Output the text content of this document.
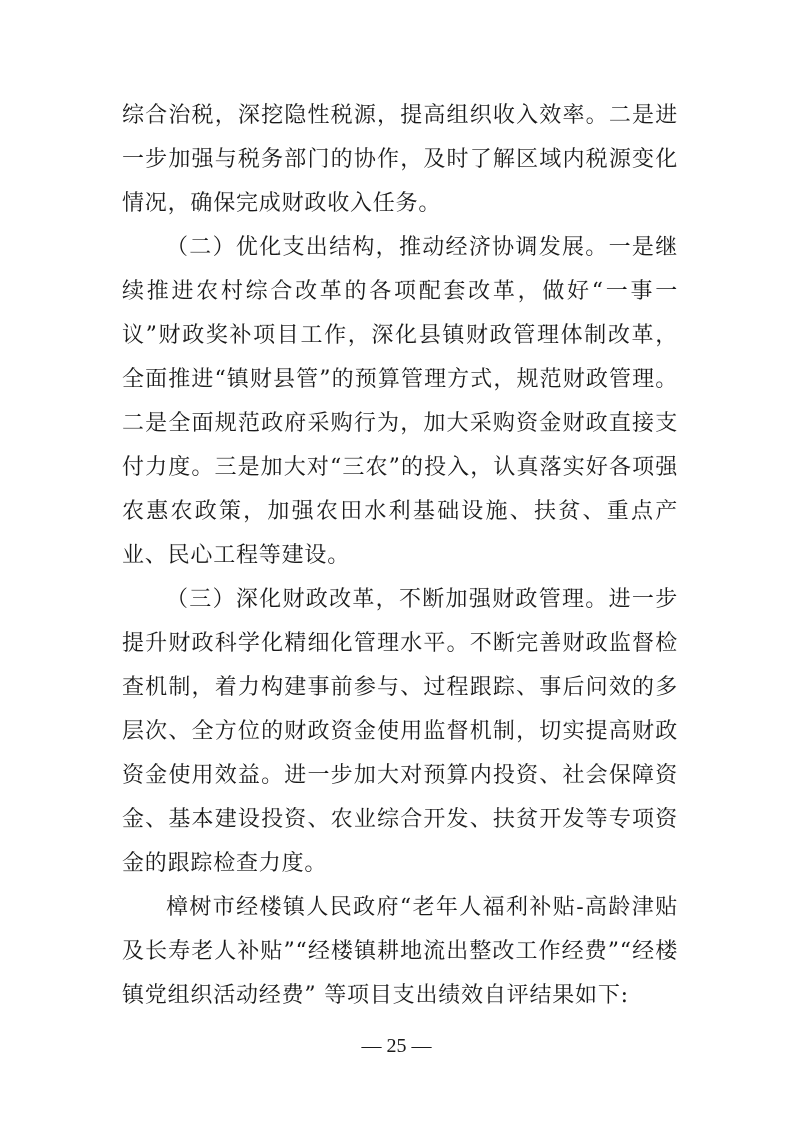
综合治税，深挖隐性税源，提高组织收入效率。二是进一步加强与税务部门的协作，及时了解区域内税源变化情况，确保完成财政收入任务。

（二）优化支出结构，推动经济协调发展。一是继续推进农村综合改革的各项配套改革，做好“一事一议”财政奖补项目工作，深化县镇财政管理体制改革，全面推进“镇财县管”的预算管理方式，规范财政管理。二是全面规范政府采购行为，加大采购资金财政直接支付力度。三是加大对“三农”的投入，认真落实好各项强农惠农政策，加强农田水利基础设施、扶贫、重点产业、民心工程等建设。

（三）深化财政改革，不断加强财政管理。进一步提升财政科学化精细化管理水平。不断完善财政监督检查机制，着力构建事前参与、过程跟踪、事后问效的多层次、全方位的财政资金使用监督机制，切实提高财政资金使用效益。进一步加大对预算内投资、社会保障资金、基本建设投资、农业综合开发、扶贫开发等专项资金的跟踪检查力度。

樟树市经楼镇人民政府“老年人福利补贴-高龄津贴及长寿老人补贴”“经楼镇耕地流出整改工作经费”“经楼镇党组织活动经费” 等项目支出绩效自评结果如下:

— 25 —
